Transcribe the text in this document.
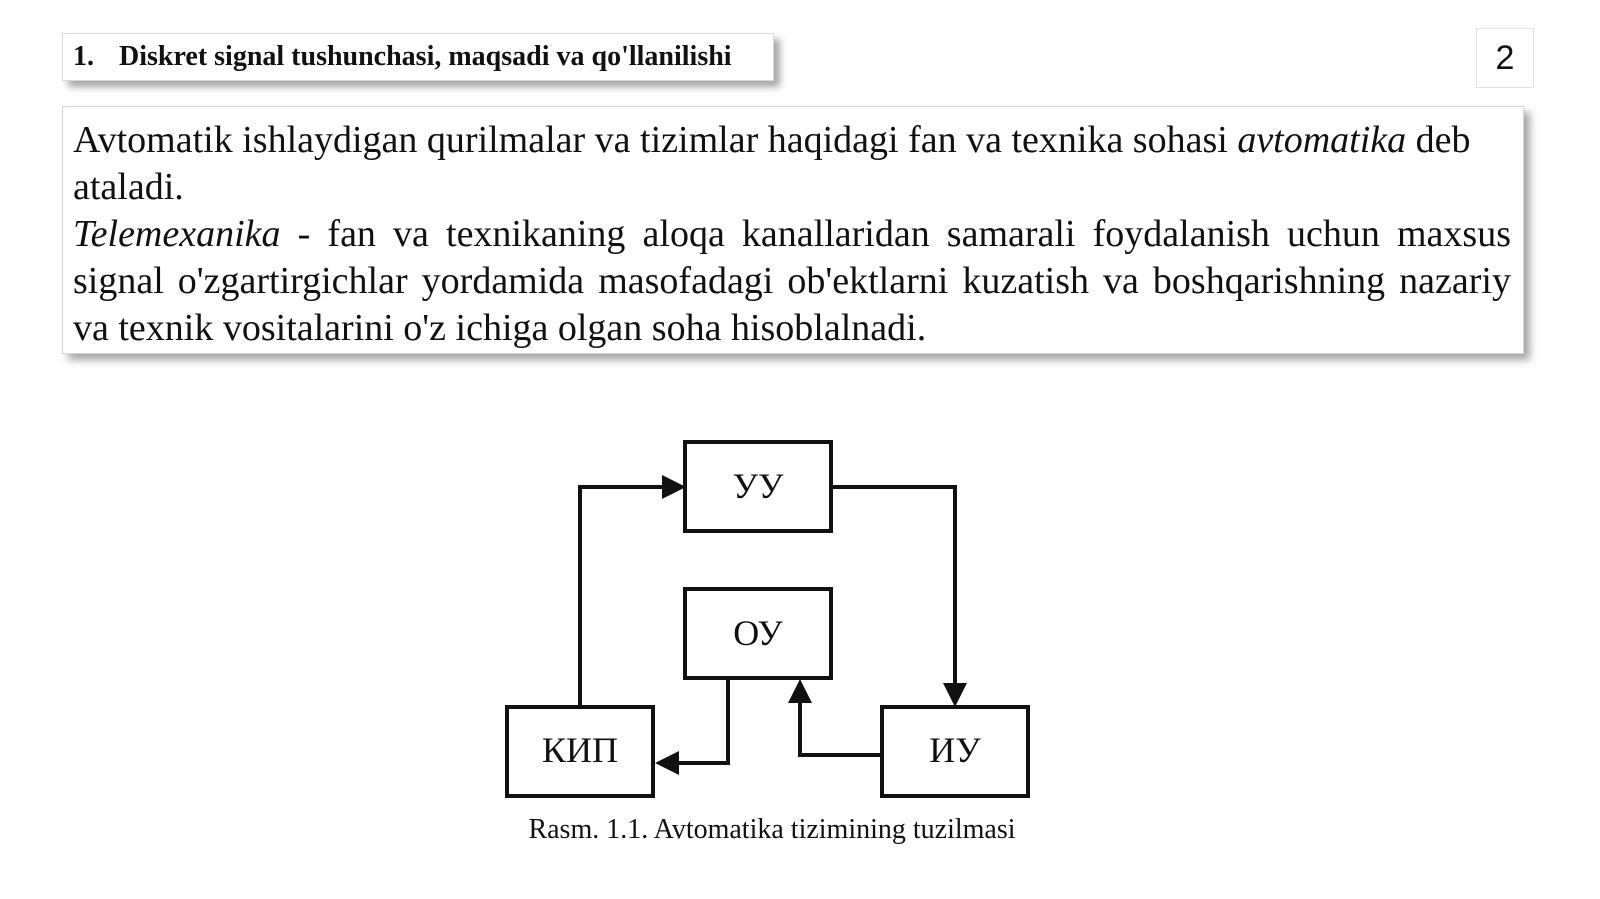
1. Diskret signal tushunchasi, maqsadi va qo'llanilishi	2

Avtomatik ishlaydigan qurilmalar va tizimlar haqidagi fan va texnika sohasi avtomatika deb ataladi.

Telemexanika - fan va texnikaning aloqa kanallaridan samarali foydalanish uchun maxsus signal o'zgartirgichlar yordamida masofadagi ob'ektlarni kuzatish va boshqarishning nazariy va texnik vositalarini o'z ichiga olgan soha hisoblalnadi.

УУ
ОУ
КИП	ИУ
Rasm. 1.1. Avtomatika tizimining tuzilmasi
